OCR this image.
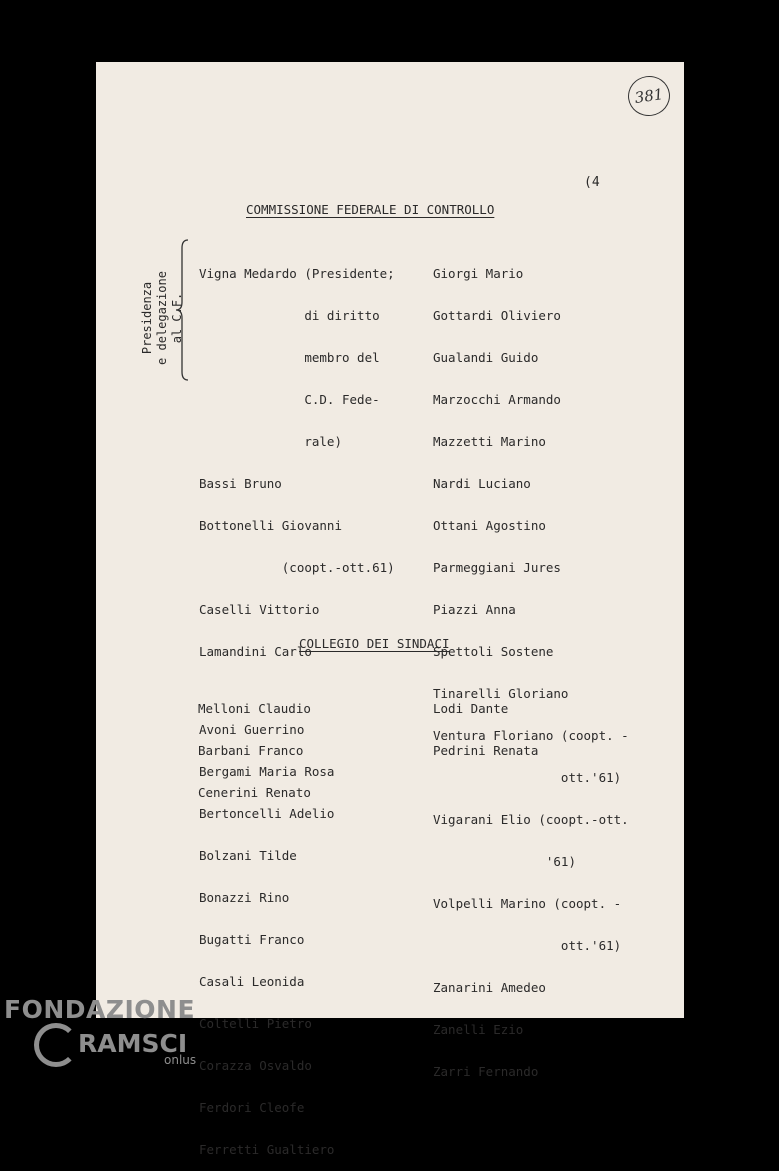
381
(4
COMMISSIONE FEDERALE DI CONTROLLO
Presidenza e delegazione al C.F.

Vigna Medardo (Presidente;

di diritto

membro del

C.D. Fede-

rale)

Bassi Bruno

Bottonelli Giovanni

(coopt.-ott.61)

Caselli Vittorio

Lamandini Carlo

Avoni Guerrino

Bergami Maria Rosa

Bertoncelli Adelio

Bolzani Tilde

Bonazzi Rino

Bugatti Franco

Casali Leonida

Coltelli Pietro

Corazza Osvaldo

Ferdori Cleofe

Ferretti Gualtiero

Giorgi Mario

Gottardi Oliviero

Gualandi Guido

Marzocchi Armando

Mazzetti Marino

Nardi Luciano

Ottani Agostino

Parmeggiani Jures

Piazzi Anna

Spettoli Sostene

Tinarelli Gloriano

Ventura Floriano (coopt. -

ott.'61)

Vigarani Elio (coopt.-ott.

'61)

Volpelli Marino (coopt. -

ott.'61)

Zanarini Amedeo

Zanelli Ezio

Zarri Fernando

COLLEGIO DEI SINDACI

Melloni Claudio

Barbani Franco

Cenerini Renato

Lodi Dante

Pedrini Renata

FONDAZIONE
RAMSCI
onlus
